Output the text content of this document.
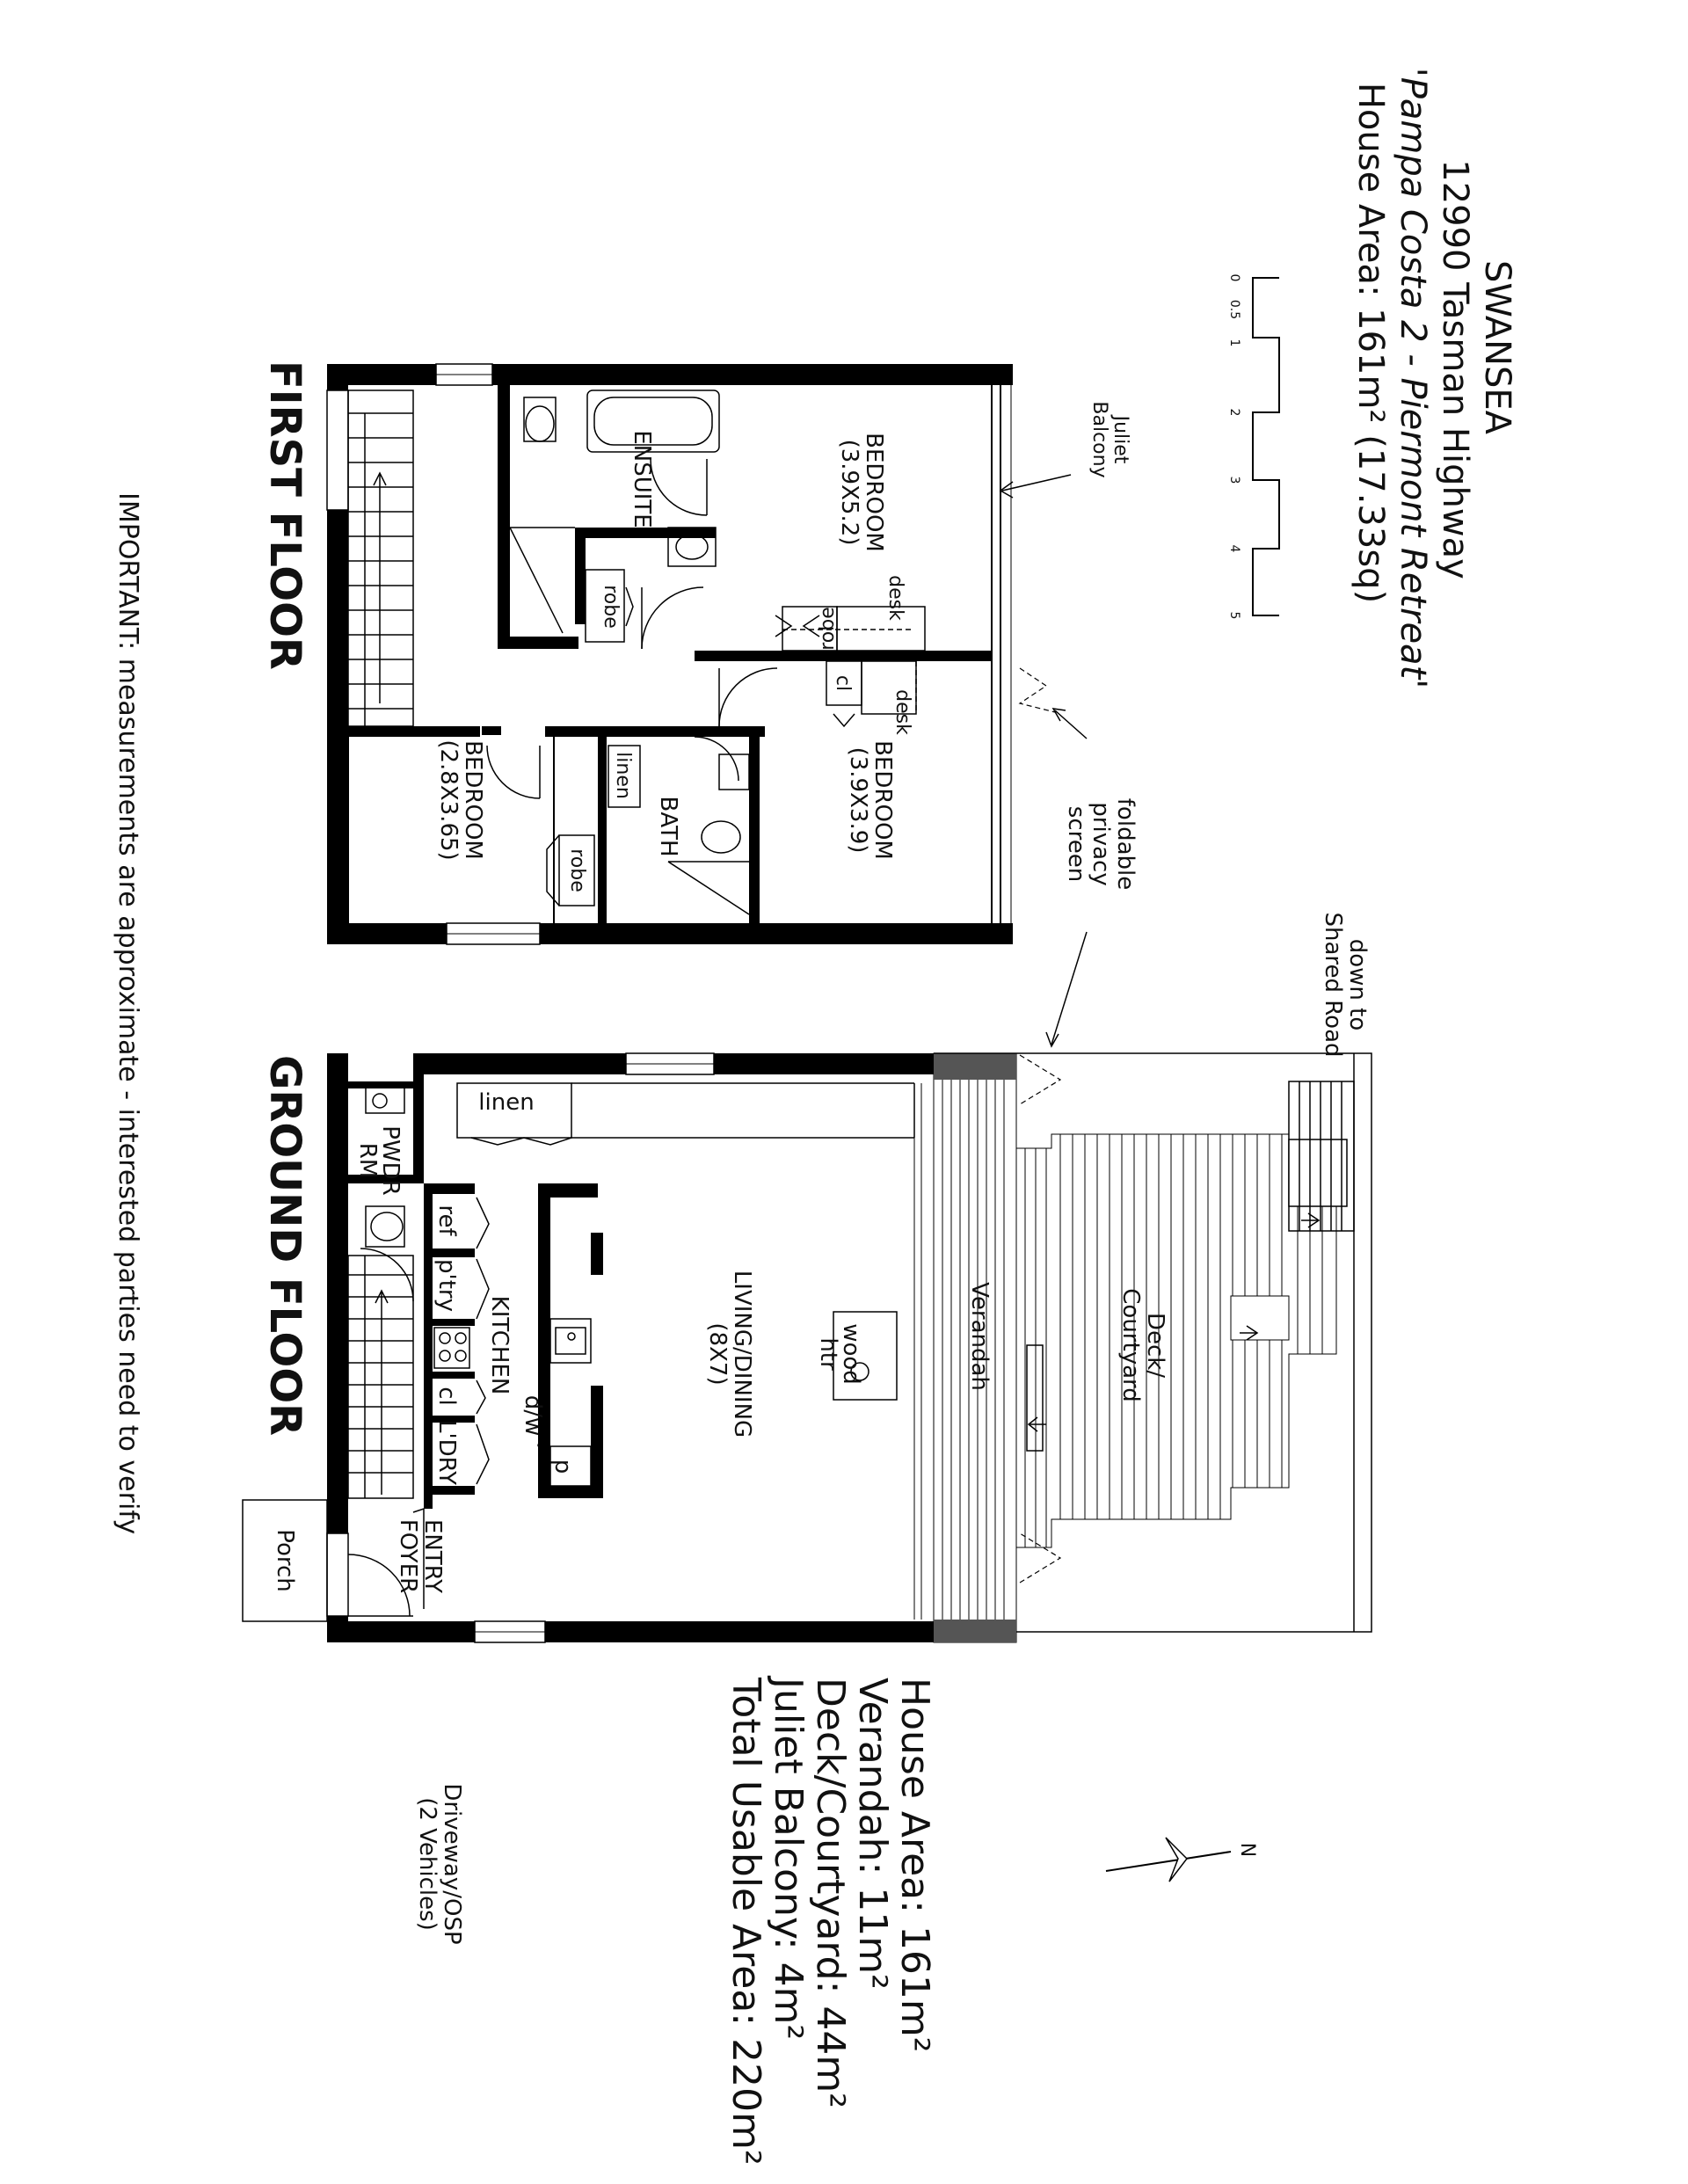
SWANSEA
12990 Tasman Highway
'Pampa Costa 2 - Piermont Retreat'
House Area: 161m² (17.33sq)
0
0.5
1
2
3
4
5
FIRST FLOOR	Juliet
Balcony
BEDROOM
(3.9X5.2)
ENSUITE
robe	desk
robe
cl
desk
BEDROOM
(3.9X3.9)
linen
BATH
BEDROOM
(2.8X3.65)
robe	foldable
privacy
screen
GROUND FLOOR
down to
Shared Road
linen
PWDR
RM
ref
p'try
KITCHEN
cl
L'DRY
d/w
p
LIVING/DINING
(8X7)	wood
htr	Verandah	Deck/
Courtyard
ENTRY
FOYER
Porch
House Area: 161m²
Verandah: 11m²
Deck/Courtyard: 44m²
Juliet Balcony: 4m²
Total Usable Area: 220m²
Driveway/OSP
(2 Vehicles)	N
IMPORTANT: measurements are approximate - interested parties need to verify
